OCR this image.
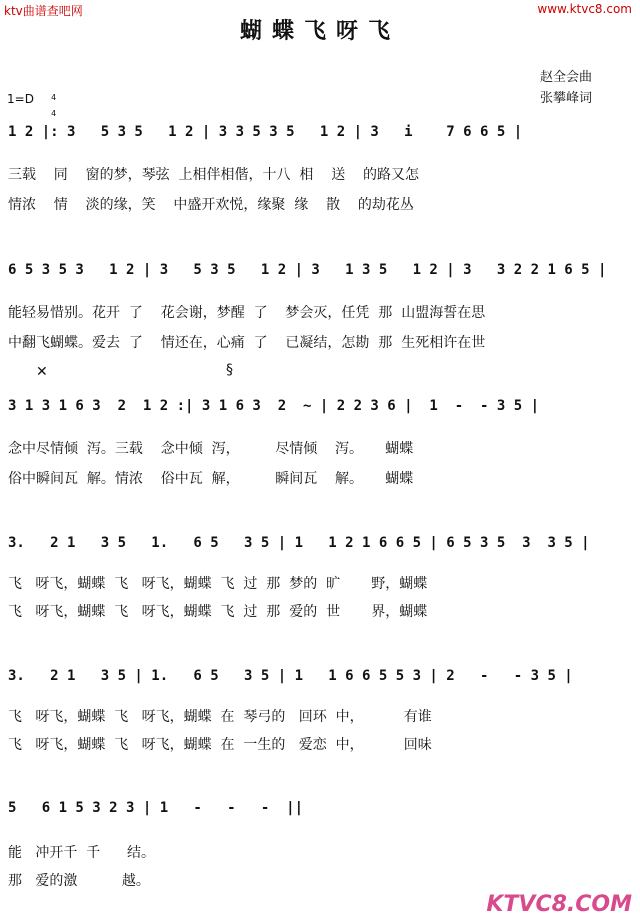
ktv曲谱查吧网	www.ktvc8.com
蝴蝶飞呀飞
赵全会曲
张攀峰词
1=D	4

4

1 2 |: 3   5 3 5   1 2 | 3 3 5 3 5   1 2 | 3   i    7 6 6 5 |
三载    同    窗的梦，琴弦  上相伴相偕，十八  相    送    的路又怎
情浓    情    淡的缘，笑    中盛开欢悦，缘聚  缘    散    的劫花丛
6 5 3 5 3   1 2 | 3   5 3 5   1 2 | 3   1 3 5   1 2 | 3   3 2 2 1 6 5 |
能轻易惜别。花开  了    花会谢，梦醒  了    梦会灭，任凭  那  山盟海誓在思
中翻飞蝴蝶。爱去  了    情还在，心痛  了    已凝结，怎勘  那  生死相许在世
✕	§
3 1 3 1 6 3  2  1 2 :| 3 1 6 3  2  ~ | 2 2 3 6 |  1  -  - 3 5 |
念中尽情倾  泻。三载    念中倾  泻，        尽情倾    泻。     蝴蝶
俗中瞬间瓦  解。情浓    俗中瓦  解，        瞬间瓦    解。     蝴蝶
3.   2 1   3 5   1.   6 5   3 5 | 1   1 2 1 6 6 5 | 6 5 3 5  3  3 5 |
飞   呀飞，蝴蝶  飞   呀飞，蝴蝶  飞  过  那  梦的  旷       野，蝴蝶
飞   呀飞，蝴蝶  飞   呀飞，蝴蝶  飞  过  那  爱的  世       界，蝴蝶
3.   2 1   3 5 | 1.   6 5   3 5 | 1   1 6 6 5 5 3 | 2   -   - 3 5 |
飞   呀飞，蝴蝶  飞   呀飞，蝴蝶  在  琴弓的   回环  中，         有谁
飞   呀飞，蝴蝶  飞   呀飞，蝴蝶  在  一生的   爱恋  中，         回味
5   6 1 5 3 2 3 | 1   -   -   -  ||
能   冲开千  千      结。
那   爱的激          越。
KTVC8.COM
